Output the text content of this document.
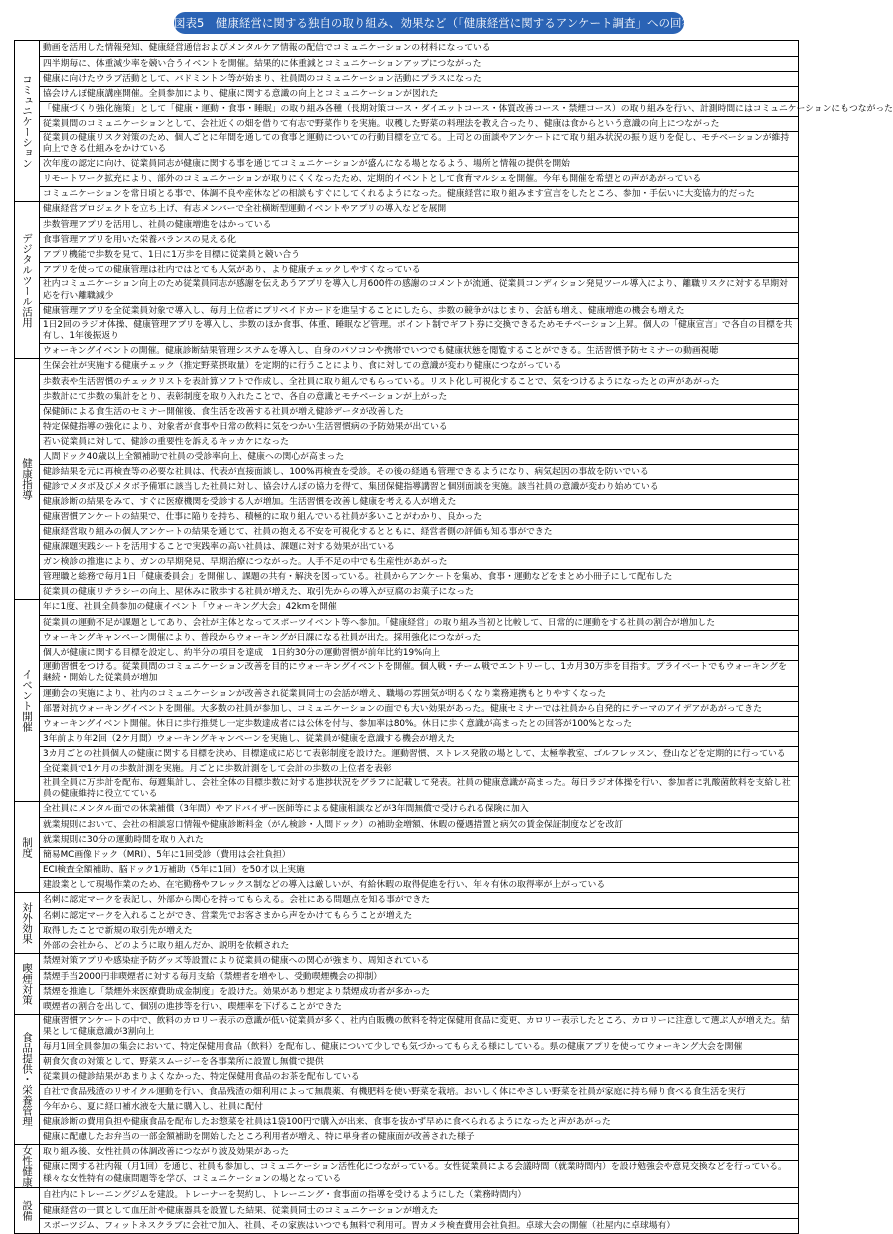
図表5　健康経営に関する独自の取り組み、効果など（「健康経営に関するアンケート調査」への回答より抜粋）
コミュニケーション
動画を活用した情報発知、健康経営通信およびメンタルケア情報の配信でコミュニケーションの材料になっている
四半期毎に、体重減少率を競い合うイベントを開催。結果的に体重減とコミュニケーションアップにつながった
健康に向けたウラブ活動として、バドミントン等が始まり、社員間のコミュニケーション活動にプラスになった
協会けんぽ健康講座開催。全員参加により、健康に関する意識の向上とコミュニケーションが図れた
「健康づくり強化施策」として「健康・運動・食事・睡眠」の取り組み各種（長期対策コース・ダイエットコース・体質改善コース・禁煙コース）の取り組みを行い、計測時間にはコミュニケーションにもつながった
従業員間のコミュニケーションとして、会社近くの畑を借りて有志で野菜作りを実施。収穫した野菜の料理法を教え合ったり、健康は食からという意識の向上につながった
従業員の健康リスク対策のため、個人ごとに年間を通しての食事と運動についての行動目標を立てる。上司との面談やアンケートにて取り組み状況の振り返りを促し、モチベーションが維持向上できる仕組みをかけている
次年度の認定に向け、従業員同志が健康に関する事を通じてコミュニケーションが盛んになる場となるよう、場所と情報の提供を開始
リモートワーク拡充により、部外のコミュニケーションが取りにくくなったため、定期的イベントとして食育マルシェを開催。今年も開催を希望との声があがっている
コミュニケーションを常日頃とる事で、体調不良や産休などの相談もすぐにしてくれるようになった。健康経営に取り組みます宣言をしたところ、参加・手伝いに大変協力的だった
デジタルツール活用
健康経営プロジェクトを立ち上げ、有志メンバーで全社横断型運動イベントやアプリの導入などを展開
歩数管理アプリを活用し、社員の健康増進をはかっている
食事管理アプリを用いた栄養バランスの見える化
アプリ機能で歩数を見て、1日に1万歩を目標に従業員と競い合う
アプリを使っての健康管理は社内ではとても人気があり、より健康チェックしやすくなっている
社内コミュニケーション向上のため従業員同志が感謝を伝えあうアプリを導入し月600件の感謝のコメントが流通、従業員コンディション発見ツール導入により、離職リスクに対する早期対応を行い離職減少
健康管理アプリを全従業員対象で導入し、毎月上位者にプリペイドカードを進呈することにしたら、歩数の競争がはじまり、会話も増え、健康増進の機会も増えた
1日2回のラジオ体操、健康管理アプリを導入し、歩数のほか食事、体重、睡眠など管理。ポイント制でギフト券に交換できるためモチベーション上昇。個人の「健康宣言」で各自の目標を共有し、1年後振返り
ウォーキングイベントの開催。健康診断結果管理システムを導入し、自身のパソコンや携帯でいつでも健康状態を閲覧することができる。生活習慣予防セミナーの動画視聴
健康指導
生保会社が実施する健康チェック（推定野菜摂取量）を定期的に行うことにより、食に対しての意識が変わり健康につながっている
歩数表や生活習慣のチェックリストを表計算ソフトで作成し、全社員に取り組んでもらっている。リスト化し可視化することで、気をつけるようになったとの声があがった
歩数計にて歩数の集計をとり、表彰制度を取り入れたことで、各自の意識とモチベーションが上がった
保健師による食生活のセミナー開催後、食生活を改善する社員が増え健診データが改善した
特定保健指導の強化により、対象者が食事や日常の飲料に気をつかい生活習慣病の予防効果が出ている
若い従業員に対して、健診の重要性を訴えるキッカケになった
人間ドック40歳以上全額補助で社員の受診率向上、健康への関心が高まった
健診結果を元に再検査等の必要な社員は、代表が直接面談し、100%再検査を受診。その後の経過も管理できるようになり、病気起因の事故を防いでいる
健診でメタボ及びメタボ予備軍に該当した社員に対し、協会けんぽの協力を得て、集団保健指導講習と個別面談を実施。該当社員の意識が変わり始めている
健康診断の結果をみて、すぐに医療機関を受診する人が増加。生活習慣を改善し健康を考える人が増えた
健康習慣アンケートの結果で、仕事に陥りを持ち、積極的に取り組んでいる社員が多いことがわかり、良かった
健康経営取り組みの個人アンケートの結果を通じて、社員の抱える不安を可視化するとともに、経営者側の評価も知る事ができた
健康課題実践シートを活用することで実践率の高い社員は、課題に対する効果が出ている
ガン検診の推進により、ガンの早期発見、早期治療につながった。人手不足の中でも生産性があがった
管理職と総務で毎月1日「健康委員会」を開催し、課題の共有・解決を図っている。社員からアンケートを集め、食事・運動などをまとめ小冊子にして配布した
従業員の健康リテラシーの向上、屋休みに散歩する社員が増えた、取引先からの導入が豆腐のお菓子になった
イベント開催
年に1度、社員全員参加の健康イベント「ウォーキング大会」42kmを開催
従業員の運動不足が課題としてあり、会社が主体となってスポーツイベント等へ参加。「健康経営」の取り組み当初と比較して、日常的に運動をする社員の割合が増加した
ウォーキングキャンペーン開催により、普段からウォーキングが日課になる社員が出た。採用強化につながった
個人が健康に関する目標を設定し、約半分の項目を達成　1日約30分の運動習慣が前年比約19%向上
運動習慣をつける。従業員間のコミュニケーション改善を目的にウォーキングイベントを開催。個人戦・チーム戦でエントリーし、1カ月30万歩を目指す。プライベートでもウォーキングを継続・開始した従業員が増加
運動会の実施により、社内のコミュニケーションが改善され従業員同士の会話が増え、職場の雰囲気が明るくなり業務連携もとりやすくなった
部署対抗ウォーキングイベントを開催。大多数の社員が参加し、コミュニケーションの面でも大い効果があった。健康セミナーでは社員から自発的にテーマのアイデアがあがってきた
ウォーキングイベント開催。休日に歩行推奨し一定歩数達成者には公休を付与、参加率は80%。休日に歩く意識が高まったとの回答が100%となった
3年前より年2回（2ケ月間）ウォーキングキャンペーンを実施し、従業員が健康を意識する機会が増えた
3カ月ごとの社員個人の健康に関する目標を決め、目標達成に応じて表彰制度を設けた。運動習慣、ストレス発散の場として、太極拳教室、ゴルフレッスン、登山などを定期的に行っている
全従業員で1ケ月の歩数計測を実施。月ごとに歩数計測をして会計の歩数の上位者を表彰
社員全員に万歩計を配布、毎週集計し、会社全体の目標歩数に対する進捗状況をグラフに記載して発表。社員の健康意識が高まった。毎日ラジオ体操を行い、参加者に乳酸菌飲料を支給し社員の健康維持に役立てている
制度
全社員にメンタル面での休業補償（3年間）やアドバイザー医師等による健康相談などが3年間無償で受けられる保険に加入
就業規則において、会社の相談窓口情報や健康診断料金（がん検診・人間ドック）の補助金増額、休暇の優遇措置と病欠の賃金保証制度などを改訂
就業規則に30分の運動時間を取り入れた
簡易MC画像ドック（MRI）、5年に1回受診（費用は会社負担）
ECI検査全額補助、脳ドック1万補助（5年に1回）を50才以上実施
建設業として現場作業のため、在宅勤務やフレックス制などの導入は厳しいが、有給休暇の取得促進を行い、年々有休の取得率が上がっている
対外効果
名刺に認定マークを表記し、外部から関心を持ってもらえる。会社にある問題点を知る事ができた
名刺に認定マークを入れることができ、営業先でお客さまから声をかけてもらうことが増えた
取得したことで新規の取引先が増えた
外部の会社から、どのように取り組んだか、説明を依頼された
喫煙対策
禁煙対策アプリや感染症予防グッズ等設置により従業員の健康への関心が強まり、周知されている
禁煙手当2000円非喫煙者に対する毎月支給（禁煙者を増やし、受動喫煙機会の抑制）
禁煙を推進し「禁煙外来医療費助成金制度」を設けた。効果があり想定より禁煙成功者が多かった
喫煙者の割合を出して、個別の進捗等を行い、喫煙率を下げることができた
食品提供・栄養管理
健康習慣アンケートの中で、飲料のカロリー表示の意識が低い従業員が多く、社内自販機の飲料を特定保健用食品に変更、カロリー表示したところ、カロリーに注意して選ぶ人が増えた。結果として健康意識が3割向上
毎月1回全員参加の集会において、特定保健用食品（飲料）を配布し、健康について少しでも気づかってもらえる様にしている。県の健康アプリを使ってウォーキング大会を開催
朝食欠食の対策として、野菜スムージーを各事業所に設置し無償で提供
従業員の健診結果があまりよくなかった、特定保健用食品のお茶を配布している
自社で食品残渣のリサイクル運動を行い、食品残渣の畑利用によって無農薬、有機肥料を使い野菜を栽培。おいしく体にやさしい野菜を社員が家庭に持ち帰り食べる食生活を実行
今年から、夏に経口補水液を大量に購入し、社員に配付
健康診断の費用負担や健康食品を配布したお惣菜を社員は1袋100円で購入が出来、食事を抜かず早めに食べられるようになったと声があがった
健康に配慮したお弁当の一部金額補助を開始したところ利用者が増え、特に単身者の健康面が改善された様子
女性健康	取り組み後、女性社員の体調改善につながり波及効果があった
健康に関する社内報（月1回）を通じ、社員も参加し、コミュニケーション活性化につながっている。女性従業員による会議時間（就業時間内）を設け勉強会や意見交換などを行っている。様々な女性特有の健康問題等を学び、コミュニケーションの場となっている
設備
自社内にトレーニングジムを建設。トレーナーを契約し、トレーニング・食事面の指導を受けるようにした（業務時間内）
健康経営の一貫として血圧計や健康器具を設置した結果、従業員同士のコミュニケーションが増えた
スポーツジム、フィットネスクラブに会社で加入、社員、その家族はいつでも無料で利用可。胃カメラ検査費用会社負担。卓球大会の開催（社屋内に卓球場有）
